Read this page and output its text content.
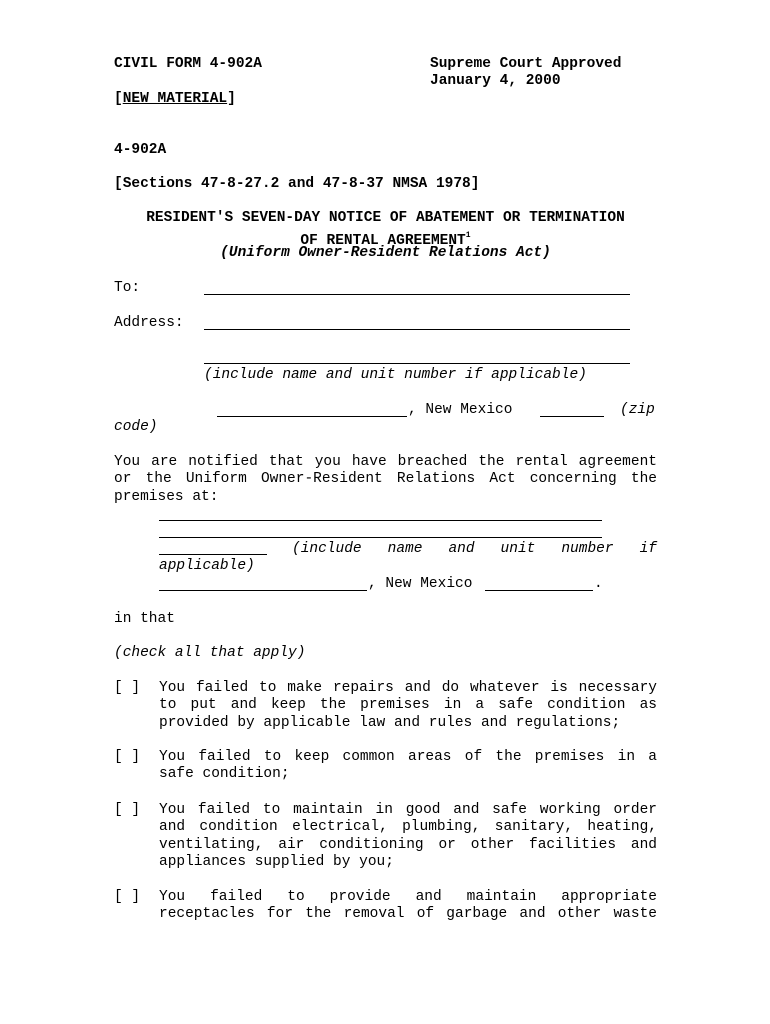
CIVIL FORM 4-902A	Supreme Court Approved
January 4, 2000
[NEW MATERIAL]
4-902A
[Sections 47-8-27.2 and 47-8-37 NMSA 1978]
RESIDENT'S SEVEN-DAY NOTICE OF ABATEMENT OR TERMINATION
OF RENTAL AGREEMENT$^1$
(Uniform Owner-Resident Relations Act)
To:
Address:
(include name and unit number if applicable)
, New Mexico	(zip
code)
You are notified that you have breached the rental agreement
or the Uniform Owner-Resident Relations Act concerning the
premises at:
(include name and unit number if
applicable)
, New Mexico	.
in that
(check all that apply)
[ ] You failed to make repairs and do whatever is necessary
to put and keep the premises in a safe condition as
provided by applicable law and rules and regulations;
[ ] You failed to keep common areas of the premises in a
safe condition;
[ ] You failed to maintain in good and safe working order
and condition electrical, plumbing, sanitary, heating,
ventilating, air conditioning or other facilities and
appliances supplied by you;
[ ] You failed to provide and maintain appropriate
receptacles for the removal of garbage and other waste
